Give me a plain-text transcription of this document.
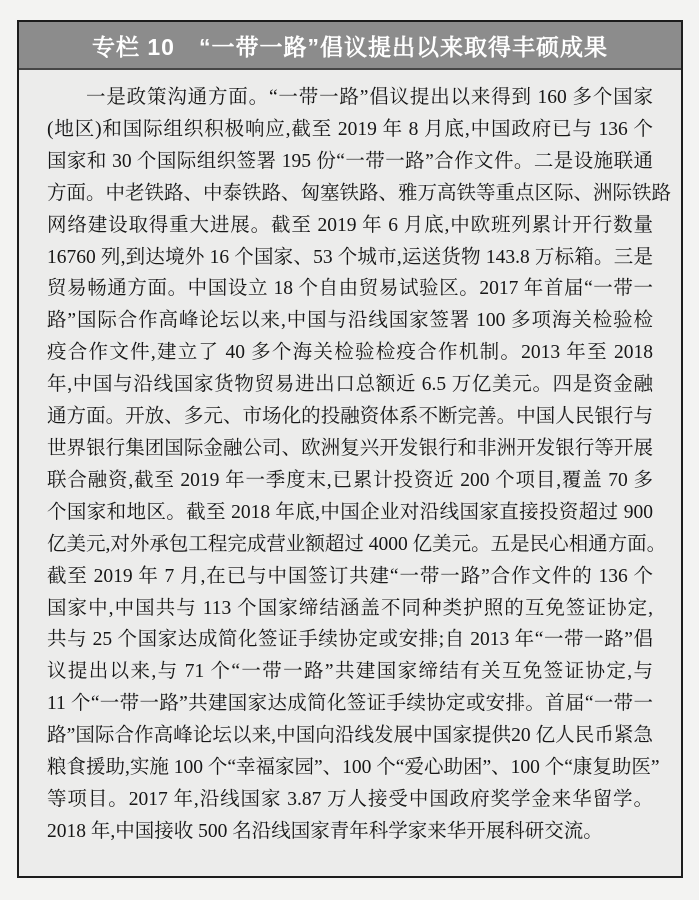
专栏 10　“一带一路”倡议提出以来取得丰硕成果
一是政策沟通方面。“一带一路”倡议提出以来得到 160 多个国家
(地区)和国际组织积极响应,截至 2019 年 8 月底,中国政府已与 136 个
国家和 30 个国际组织签署 195 份“一带一路”合作文件。二是设施联通
方面。中老铁路、中泰铁路、匈塞铁路、雅万高铁等重点区际、洲际铁路
网络建设取得重大进展。截至 2019 年 6 月底,中欧班列累计开行数量
16760 列,到达境外 16 个国家、53 个城市,运送货物 143.8 万标箱。三是
贸易畅通方面。中国设立 18 个自由贸易试验区。2017 年首届“一带一
路”国际合作高峰论坛以来,中国与沿线国家签署 100 多项海关检验检
疫合作文件,建立了 40 多个海关检验检疫合作机制。2013 年至 2018
年,中国与沿线国家货物贸易进出口总额近 6.5 万亿美元。四是资金融
通方面。开放、多元、市场化的投融资体系不断完善。中国人民银行与
世界银行集团国际金融公司、欧洲复兴开发银行和非洲开发银行等开展
联合融资,截至 2019 年一季度末,已累计投资近 200 个项目,覆盖 70 多
个国家和地区。截至 2018 年底,中国企业对沿线国家直接投资超过 900
亿美元,对外承包工程完成营业额超过 4000 亿美元。五是民心相通方面。
截至 2019 年 7 月,在已与中国签订共建“一带一路”合作文件的 136 个
国家中,中国共与 113 个国家缔结涵盖不同种类护照的互免签证协定,
共与 25 个国家达成简化签证手续协定或安排;自 2013 年“一带一路”倡
议提出以来,与 71 个“一带一路”共建国家缔结有关互免签证协定,与
11 个“一带一路”共建国家达成简化签证手续协定或安排。首届“一带一
路”国际合作高峰论坛以来,中国向沿线发展中国家提供20 亿人民币紧急
粮食援助,实施 100 个“幸福家园”、100 个“爱心助困”、100 个“康复助医”
等项目。2017 年,沿线国家 3.87 万人接受中国政府奖学金来华留学。
2018 年,中国接收 500 名沿线国家青年科学家来华开展科研交流。
